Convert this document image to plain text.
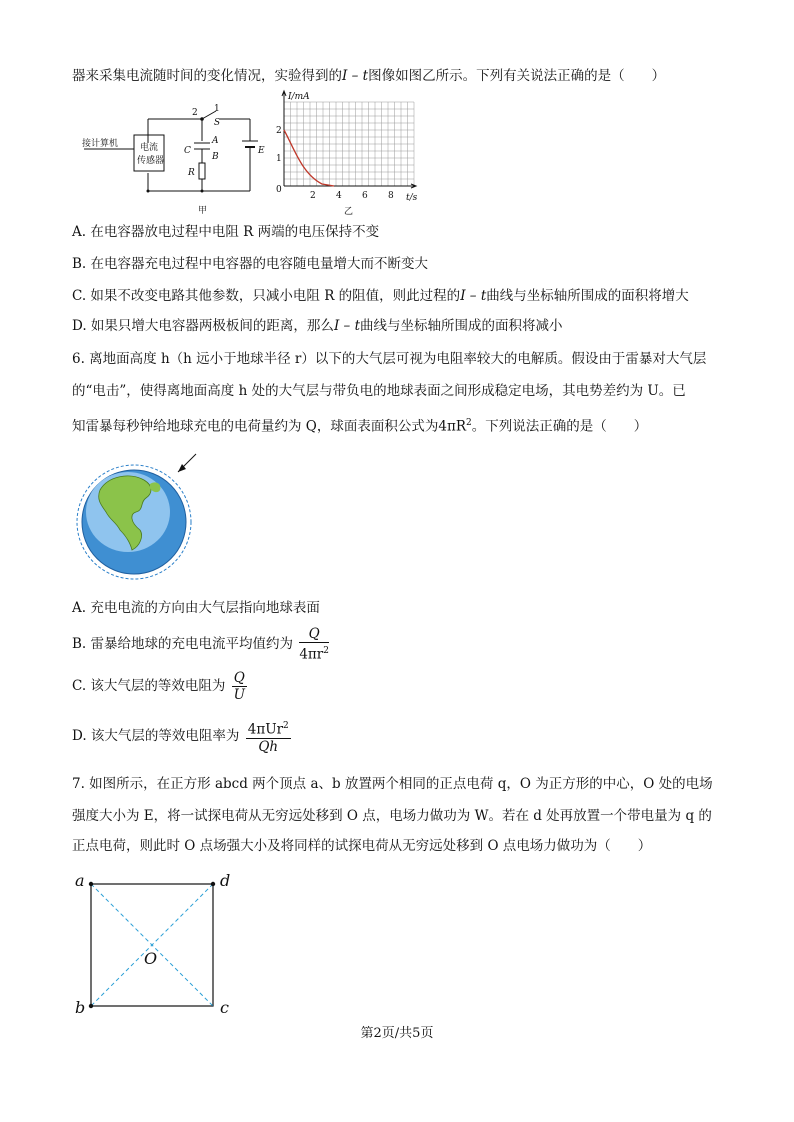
器来采集电流随时间的变化情况，实验得到的I – t图像如图乙所示。下列有关说法正确的是（　　）
接计算机 电流
传感器
2 1
S
A
B
C
R
E
甲
I/mA
t/s
0
2
1
2 4 6 8
乙
A. 在电容器放电过程中电阻 R 两端的电压保持不变
B. 在电容器充电过程中电容器的电容随电量增大而不断变大
C. 如果不改变电路其他参数，只减小电阻 R 的阻值，则此过程的I – t曲线与坐标轴所围成的面积将增大
D. 如果只增大电容器两极板间的距离，那么I – t曲线与坐标轴所围成的面积将减小
6. 离地面高度 h（h 远小于地球半径 r）以下的大气层可视为电阻率较大的电解质。假设由于雷暴对大气层
的“电击”，使得离地面高度 h 处的大气层与带负电的地球表面之间形成稳定电场，其电势差约为 U。已
知雷暴每秒钟给地球充电的电荷量约为 Q，球面表面积公式为$4\pi R^2$。下列说法正确的是（　　）
A. 充电电流的方向由大气层指向地球表面
B. 雷暴给地球的充电电流平均值约为 $\frac{Q}{4\pi r^2}$
C. 该大气层的等效电阻为 $\frac{Q}{U}$
D. 该大气层的等效电阻率为 $\frac{4\pi Ur^2}{Qh}$
7. 如图所示，在正方形 abcd 两个顶点 a、b 放置两个相同的正点电荷 q，O 为正方形的中心，O 处的电场
强度大小为 E，将一试探电荷从无穷远处移到 O 点，电场力做功为 W。若在 d 处再放置一个带电量为 q 的
正点电荷，则此时 O 点场强大小及将同样的试探电荷从无穷远处移到 O 点电场力做功为（　　）
a	d
b	c
O
第2页/共5页
